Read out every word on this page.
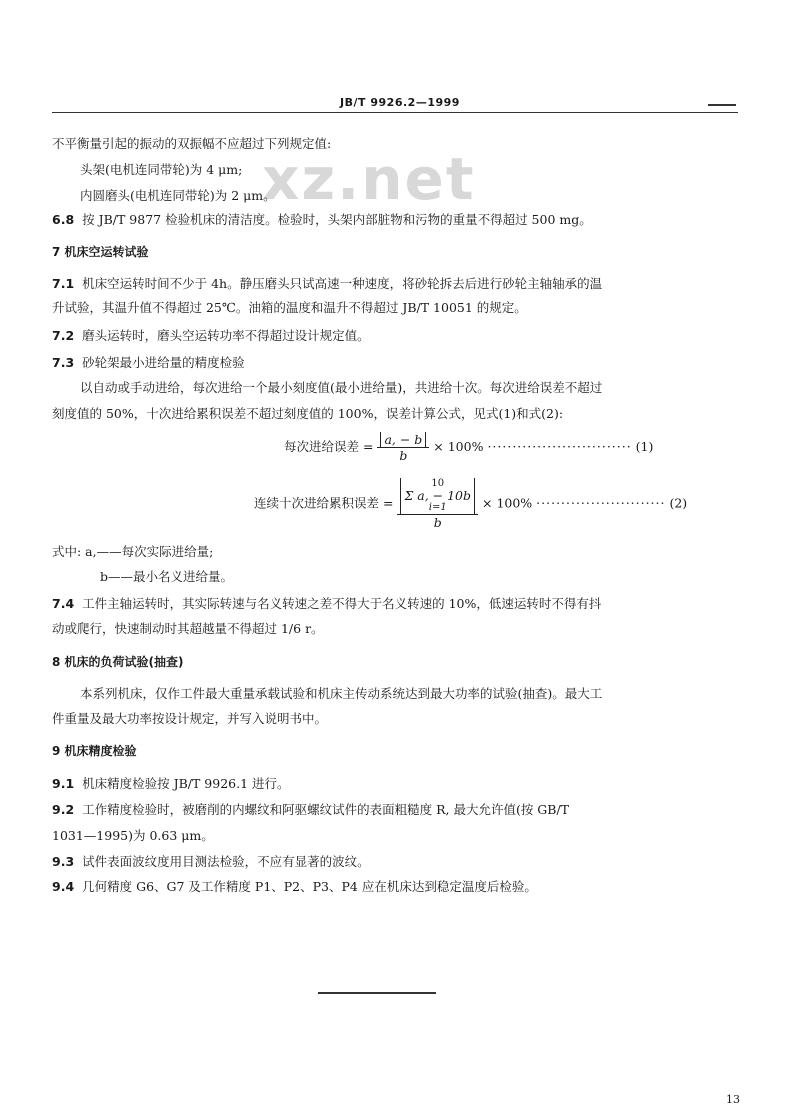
JB/T 9926.2—1999
xz.net
不平衡量引起的振动的双振幅不应超过下列规定值:
头架(电机连同带轮)为 4 μm;
内圆磨头(电机连同带轮)为 2 μm。
6.8 按 JB/T 9877 检验机床的清洁度。检验时，头架内部脏物和污物的重量不得超过 500 mg。
7 机床空运转试验
7.1 机床空运转时间不少于 4h。静压磨头只试高速一种速度，将砂轮拆去后进行砂轮主轴轴承的温
升试验，其温升值不得超过 25℃。油箱的温度和温升不得超过 JB/T 10051 的规定。
7.2 磨头运转时，磨头空运转功率不得超过设计规定值。
7.3 砂轮架最小进给量的精度检验
以自动或手动进给，每次进给一个最小刻度值(最小进给量)，共进给十次。每次进给误差不超过
刻度值的 50%，十次进给累积误差不超过刻度值的 100%，误差计算公式，见式(1)和式(2):
每次进给误差 = $\frac{a, - b}{b} \times 100\%$ ····························· (1)
连续十次进给累积误差 = 10
Σ a, − 10b
i=1
b × 100% ·························· (2)
式中: a,——每次实际进给量;
b——最小名义进给量。
7.4 工件主轴运转时，其实际转速与名义转速之差不得大于名义转速的 10%，低速运转时不得有抖
动或爬行，快速制动时其超越量不得超过 1/6 r。
8 机床的负荷试验(抽查)
本系列机床，仅作工件最大重量承载试验和机床主传动系统达到最大功率的试验(抽查)。最大工
件重量及最大功率按设计规定，并写入说明书中。
9 机床精度检验
9.1 机床精度检验按 JB/T 9926.1 进行。
9.2 工作精度检验时，被磨削的内螺纹和阿驱螺纹试件的表面粗糙度 R, 最大允许值(按 GB/T
1031—1995)为 0.63 μm。
9.3 试件表面波纹度用目测法检验，不应有显著的波纹。
9.4 几何精度 G6、G7 及工作精度 P1、P2、P3、P4 应在机床达到稳定温度后检验。
13
